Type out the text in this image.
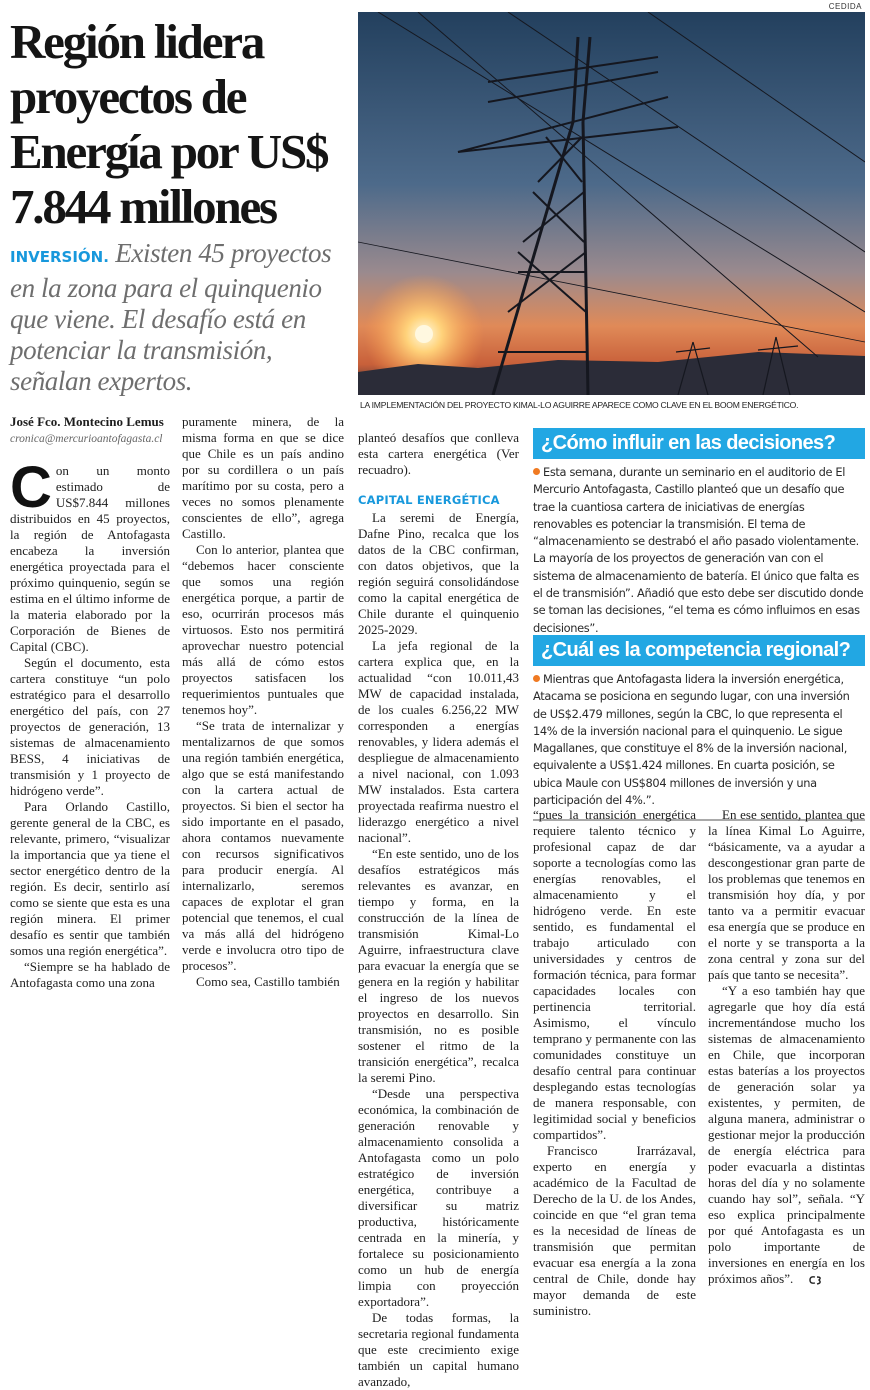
CEDIDA
Región lidera proyectos de Energía por US$ 7.844 millones
INVERSIÓN. Existen 45 proyectos en la zona para el quinquenio que viene. El desafío está en potenciar la transmisión, señalan expertos.
LA IMPLEMENTACIÓN DEL PROYECTO KIMAL-LO AGUIRRE APARECE COMO CLAVE EN EL BOOM ENERGÉTICO.
José Fco. Montecino Lemus
cronica@mercurioantofagasta.cl

Con un monto estimado de US$7.844 millones distribuidos en 45 proyectos, la región de Antofagasta encabeza la inversión energética proyectada para el próximo quinquenio, según se estima en el último informe de la materia elaborado por la Corporación de Bienes de Capital (CBC).

Según el documento, esta cartera constituye “un polo estratégico para el desarrollo energético del país, con 27 proyectos de generación, 13 sistemas de almacenamiento BESS, 4 iniciativas de transmisión y 1 proyecto de hidrógeno verde”.

Para Orlando Castillo, gerente general de la CBC, es relevante, primero, “visualizar la importancia que ya tiene el sector energético dentro de la región. Es decir, sentirlo así como se siente que esta es una región minera. El primer desafío es sentir que también somos una región energética”.

“Siempre se ha hablado de Antofagasta como una zona

puramente minera, de la misma forma en que se dice que Chile es un país andino por su cordillera o un país marítimo por su costa, pero a veces no somos plenamente conscientes de ello”, agrega Castillo.

Con lo anterior, plantea que “debemos hacer consciente que somos una región energética porque, a partir de eso, ocurrirán procesos más virtuosos. Esto nos permitirá aprovechar nuestro potencial más allá de cómo estos proyectos satisfacen los requerimientos puntuales que tenemos hoy”.

“Se trata de internalizar y mentalizarnos de que somos una región también energética, algo que se está manifestando con la cartera actual de proyectos. Si bien el sector ha sido importante en el pasado, ahora contamos nuevamente con recursos significativos para producir energía. Al internalizarlo, seremos capaces de explotar el gran potencial que tenemos, el cual va más allá del hidrógeno verde e involucra otro tipo de procesos”.

Como sea, Castillo también

planteó desafíos que conlleva esta cartera energética (Ver recuadro).

CAPITAL ENERGÉTICA

La seremi de Energía, Dafne Pino, recalca que los datos de la CBC confirman, con datos objetivos, que la región seguirá consolidándose como la capital energética de Chile durante el quinquenio 2025-2029.

La jefa regional de la cartera explica que, en la actualidad “con 10.011,43 MW de capacidad instalada, de los cuales 6.256,22 MW corresponden a energías renovables, y lidera además el despliegue de almacenamiento a nivel nacional, con 1.093 MW instalados. Esta cartera proyectada reafirma nuestro el liderazgo energético a nivel nacional”.

“En este sentido, uno de los desafíos estratégicos más relevantes es avanzar, en tiempo y forma, en la construcción de la línea de transmisión Kimal-Lo Aguirre, infraestructura clave para evacuar la energía que se genera en la región y habilitar el ingreso de los nuevos proyectos en desarrollo. Sin transmisión, no es posible sostener el ritmo de la transición energética”, recalca la seremi Pino.

“Desde una perspectiva económica, la combinación de generación renovable y almacenamiento consolida a Antofagasta como un polo estratégico de inversión energética, contribuye a diversificar su matriz productiva, históricamente centrada en la minería, y fortalece su posicionamiento como un hub de energía limpia con proyección exportadora”.

De todas formas, la secretaria regional fundamenta que este crecimiento exige también un capital humano avanzado,

¿Cómo influir en las decisiones?
Esta semana, durante un seminario en el auditorio de El Mercurio Antofagasta, Castillo planteó que un desafío que trae la cuantiosa cartera de iniciativas de energías renovables es potenciar la transmisión. El tema de “almacenamiento se destrabó el año pasado violentamente. La mayoría de los proyectos de generación van con el sistema de almacenamiento de batería. El único que falta es el de transmisión”. Añadió que esto debe ser discutido donde se toman las decisiones, “el tema es cómo influimos en esas decisiones”.
¿Cuál es la competencia regional?
Mientras que Antofagasta lidera la inversión energética, Atacama se posiciona en segundo lugar, con una inversión de US$2.479 millones, según la CBC, lo que representa el 14% de la inversión nacional para el quinquenio. Le sigue Magallanes, que constituye el 8% de la inversión nacional, equivalente a US$1.424 millones. En cuarta posición, se ubica Maule con US$804 millones de inversión y una participación del 4%.”.

“pues la transición energética requiere talento técnico y profesional capaz de dar soporte a tecnologías como las energías renovables, el almacenamiento y el hidrógeno verde. En este sentido, es fundamental el trabajo articulado con universidades y centros de formación técnica, para formar capacidades locales con pertinencia territorial. Asimismo, el vínculo temprano y permanente con las comunidades constituye un desafío central para continuar desplegando estas tecnologías de manera responsable, con legitimidad social y beneficios compartidos”.

Francisco Irarrázaval, experto en energía y académico de la Facultad de Derecho de la U. de los Andes, coincide en que “el gran tema es la necesidad de líneas de transmisión que permitan evacuar esa energía a la zona central de Chile, donde hay mayor demanda de este suministro.

En ese sentido, plantea que la línea Kimal Lo Aguirre, “básicamente, va a ayudar a descongestionar gran parte de los problemas que tenemos en transmisión hoy día, y por tanto va a permitir evacuar esa energía que se produce en el norte y se transporta a la zona central y zona sur del país que tanto se necesita”.

“Y a eso también hay que agregarle que hoy día está incrementándose mucho los sistemas de almacenamiento en Chile, que incorporan estas baterías a los proyectos de generación solar ya existentes, y permiten, de alguna manera, administrar o gestionar mejor la producción de energía eléctrica para poder evacuarla a distintas horas del día y no solamente cuando hay sol”, señala. “Y eso explica principalmente por qué Antofagasta es un polo importante de inversiones en energía en los próximos años”.
